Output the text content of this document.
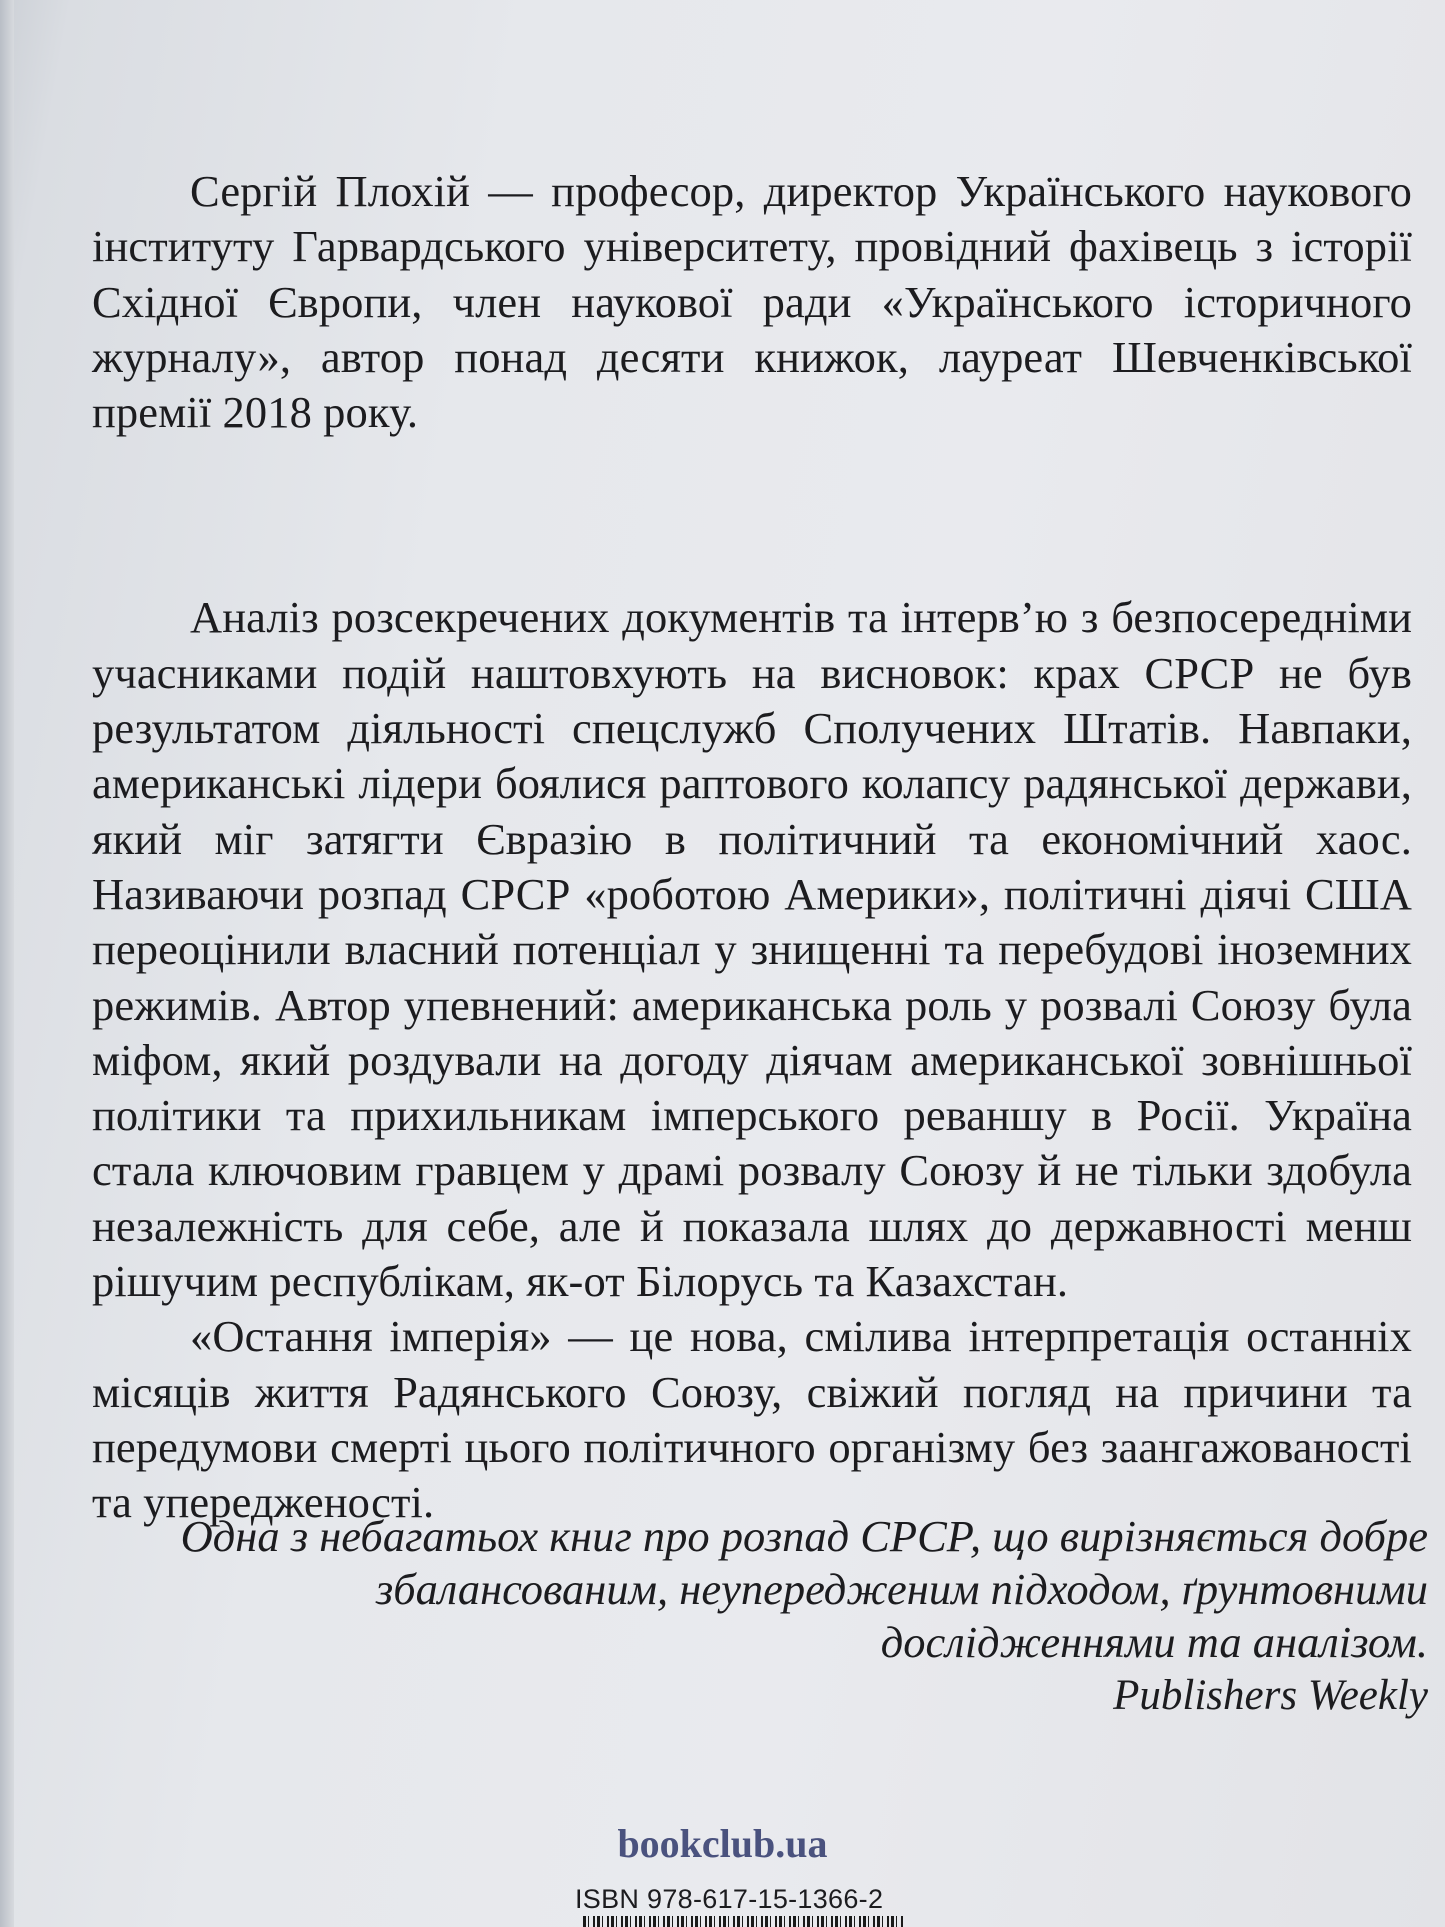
Сергій Плохій — професор, директор Українського наукового інституту Гарвардського університету, провідний фахівець з історії Східної Європи, член наукової ради «Українського історичного журналу», автор понад десяти книжок, лауреат Шевченківської премії 2018 року.

Аналіз розсекречених документів та інтерв’ю з безпосередніми учасниками подій наштовхують на висновок: крах СРСР не був результатом діяльності спецслужб Сполучених Штатів. Навпаки, американські лідери боялися раптового колапсу радянської держави, який міг затягти Євразію в політичний та економічний хаос. Називаючи розпад СРСР «роботою Америки», політичні діячі США переоцінили власний потенціал у знищенні та перебудові іноземних режимів. Автор упевнений: американська роль у розвалі Союзу була міфом, який роздували на догоду діячам американської зовнішньої політики та прихильникам імперського реваншу в Росії. Україна стала ключовим гравцем у драмі розвалу Союзу й не тільки здобула незалежність для себе, але й показала шлях до державності менш рішучим республікам, як-от Білорусь та Казахстан.

«Остання імперія» — це нова, смілива інтерпретація останніх місяців життя Радянського Союзу, свіжий погляд на причини та передумови смерті цього політичного організму без заангажованості та упередженості.

Одна з небагатьох книг про розпад СРСР, що вирізняється добре збалансованим, неупередженим підходом, ґрунтовними дослідженнями та аналізом.
Publishers Weekly
bookclub.ua
ISBN 978-617-15-1366-2
